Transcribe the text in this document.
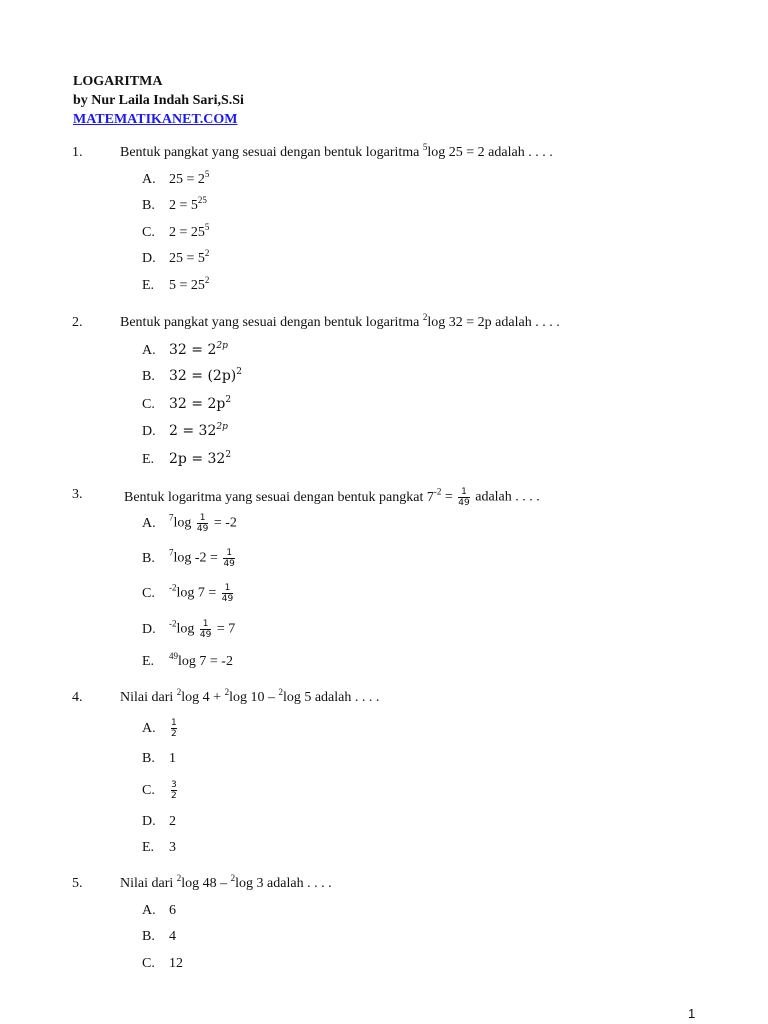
LOGARITMA
by Nur Laila Indah Sari,S.Si
MATEMATIKANET.COM
1.	Bentuk pangkat yang sesuai dengan bentuk logaritma $^5$log 25 = 2 adalah . . . .
A. $25 = 2^5$
B. $2 = 5^{25}$
C. $2 = 25^5$
D. $25 = 5^2$
E. $5 = 25^2$
2.	Bentuk pangkat yang sesuai dengan bentuk logaritma $^2$log 32 = 2p adalah . . . .
A. $32 = 2^{2p}$
B. $32 = (2p)^2$
C. $32 = 2p^2$
D. $2 = 32^{2p}$
E. $2p = 32^2$
3.	Bentuk logaritma yang sesuai dengan bentuk pangkat $7^{-2} = \frac{1}{49}$ adalah . . . .
A. $^7\log \frac{1}{49} = -2$
B. $^7$log $-2 = \frac{1}{49}$
C. $^{-2}$log $7 = \frac{1}{49}$
D. $^{-2}\log \frac{1}{49} = 7$
E. $^{49}$log 7 = -2
4.	Nilai dari $^2$log 4 + $^2$log 10 – $^2$log 5 adalah . . . .
A. $\frac{1}{2}$
B. 1
C. $\frac{3}{2}$
D. 2
E. 3
5.	Nilai dari $^2$log 48 – $^2$log 3 adalah . . . .
A. 6
B. 4
C. 12
1
